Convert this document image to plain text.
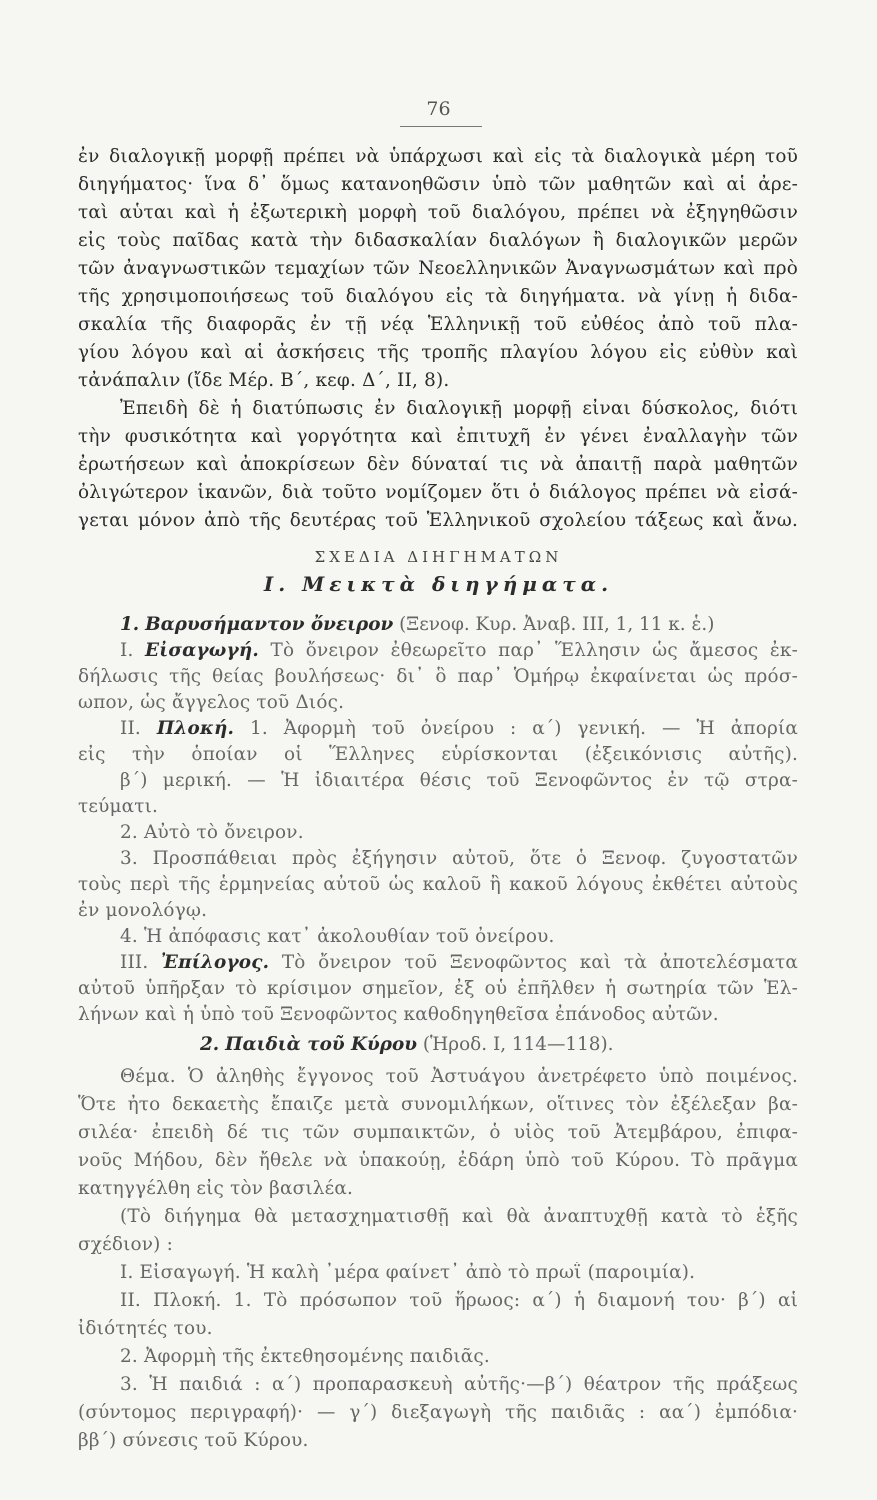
76
ἐν διαλογικῇ μορφῇ πρέπει νὰ ὑπάρχωσι καὶ εἰς τὰ διαλογικὰ μέρη τοῦ
διηγήματος· ἵνα δ᾽ ὅμως κατανοηθῶσιν ὑπὸ τῶν μαθητῶν καὶ αἱ ἀρε-
ταὶ αὗται καὶ ἡ ἐξωτερικὴ μορφὴ τοῦ διαλόγου, πρέπει νὰ ἐξηγηθῶσιν
εἰς τοὺς παῖδας κατὰ τὴν διδασκαλίαν διαλόγων ἢ διαλογικῶν μερῶν
τῶν ἀναγνωστικῶν τεμαχίων τῶν Νεοελληνικῶν Ἀναγνωσμάτων καὶ πρὸ
τῆς χρησιμοποιήσεως τοῦ διαλόγου εἰς τὰ διηγήματα. νὰ γίνῃ ἡ διδα-
σκαλία τῆς διαφορᾶς ἐν τῇ νέᾳ Ἑλληνικῇ τοῦ εὐθέος ἀπὸ τοῦ πλα-
γίου λόγου καὶ αἱ ἀσκήσεις τῆς τροπῆς πλαγίου λόγου εἰς εὐθὺν καὶ
τἀνάπαλιν (ἴδε Μέρ. Β΄, κεφ. Δ΄, ΙΙ, 8).
Ἐπειδὴ δὲ ἡ διατύπωσις ἐν διαλογικῇ μορφῇ εἶναι δύσκολος, διότι
τὴν φυσικότητα καὶ γοργότητα καὶ ἐπιτυχῆ ἐν γένει ἐναλλαγὴν τῶν
ἐρωτήσεων καὶ ἀποκρίσεων δὲν δύναταί τις νὰ ἀπαιτῇ παρὰ μαθητῶν
ὀλιγώτερον ἱκανῶν, διὰ τοῦτο νομίζομεν ὅτι ὁ διάλογος πρέπει νὰ εἰσά-
γεται μόνον ἀπὸ τῆς δευτέρας τοῦ Ἑλληνικοῦ σχολείου τάξεως καὶ ἄνω.
ΣΧΕΔΙΑ ΔΙΗΓΗΜΑΤΩΝ
Ι. Μεικτὰ διηγήματα.
1. Βαρυσήμαντον ὄνειρον (Ξενοφ. Κυρ. Ἀναβ. ΙΙΙ, 1, 11 κ. ἑ.)
Ι. Εἰσαγωγή. Τὸ ὄνειρον ἐθεωρεῖτο παρ᾽ Ἕλλησιν ὡς ἄμεσος ἐκ-
δήλωσις τῆς θείας βουλήσεως· δι᾽ ὃ παρ᾽ Ὁμήρῳ ἐκφαίνεται ὡς πρόσ-
ωπον, ὡς ἄγγελος τοῦ Διός.
ΙΙ. Πλοκή. 1. Ἀφορμὴ τοῦ ὀνείρου : α΄) γενική. — Ἡ ἀπορία
εἰς τὴν ὁποίαν οἱ Ἕλληνες εὑρίσκονται (ἐξεικόνισις αὐτῆς).
β΄) μερική. — Ἡ ἰδιαιτέρα θέσις τοῦ Ξενοφῶντος ἐν τῷ στρα-
τεύματι.
2. Αὐτὸ τὸ ὄνειρον.
3. Προσπάθειαι πρὸς ἐξήγησιν αὐτοῦ, ὅτε ὁ Ξενοφ. ζυγοστατῶν
τοὺς περὶ τῆς ἑρμηνείας αὐτοῦ ὡς καλοῦ ἢ κακοῦ λόγους ἐκθέτει αὐτοὺς
ἐν μονολόγῳ.
4. Ἡ ἀπόφασις κατ᾽ ἀκολουθίαν τοῦ ὀνείρου.
ΙΙΙ. Ἐπίλογος. Τὸ ὄνειρον τοῦ Ξενοφῶντος καὶ τὰ ἀποτελέσματα
αὐτοῦ ὑπῆρξαν τὸ κρίσιμον σημεῖον, ἐξ οὗ ἐπῆλθεν ἡ σωτηρία τῶν Ἑλ-
λήνων καὶ ἡ ὑπὸ τοῦ Ξενοφῶντος καθοδηγηθεῖσα ἐπάνοδος αὐτῶν.
2. Παιδιὰ τοῦ Κύρου (Ἡροδ. Ι, 114—118).
Θέμα. Ὁ ἀληθὴς ἔγγονος τοῦ Ἀστυάγου ἀνετρέφετο ὑπὸ ποιμένος.
Ὅτε ἦτο δεκαετὴς ἔπαιζε μετὰ συνομιλήκων, οἵτινες τὸν ἐξέλεξαν βα-
σιλέα· ἐπειδὴ δέ τις τῶν συμπαικτῶν, ὁ υἱὸς τοῦ Ἀτεμβάρου, ἐπιφα-
νοῦς Μήδου, δὲν ἤθελε νὰ ὑπακούῃ, ἐδάρη ὑπὸ τοῦ Κύρου. Τὸ πρᾶγμα
κατηγγέλθη εἰς τὸν βασιλέα.
(Τὸ διήγημα θὰ μετασχηματισθῇ καὶ θὰ ἀναπτυχθῇ κατὰ τὸ ἑξῆς
σχέδιον) :
Ι. Εἰσαγωγή. Ἡ καλὴ ᾽μέρα φαίνετ᾽ ἀπὸ τὸ πρωΐ (παροιμία).
ΙΙ. Πλοκή. 1. Τὸ πρόσωπον τοῦ ἥρωος: α΄) ἡ διαμονή του· β΄) αἱ
ἰδιότητές του.
2. Ἀφορμὴ τῆς ἐκτεθησομένης παιδιᾶς.
3. Ἡ παιδιά : α΄) προπαρασκευὴ αὐτῆς·—β΄) θέατρον τῆς πράξεως
(σύντομος περιγραφή)· — γ΄) διεξαγωγὴ τῆς παιδιᾶς : αα΄) ἐμπόδια·
ββ΄) σύνεσις τοῦ Κύρου.
